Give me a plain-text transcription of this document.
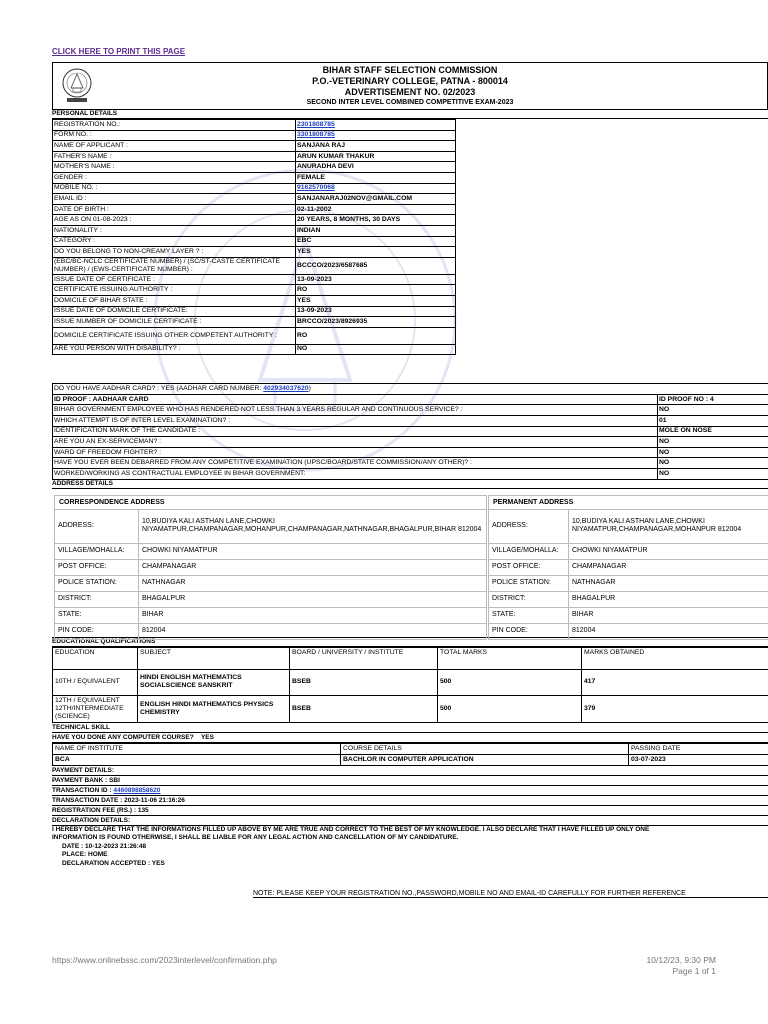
CLICK HERE TO PRINT THIS PAGE
BIHAR STAFF SELECTION COMMISSION
P.O.-VETERINARY COLLEGE, PATNA - 800014
ADVERTISEMENT NO. 02/2023
SECOND INTER LEVEL COMBINED COMPETITIVE EXAM-2023
PERSONAL DETAILS
REGISTRATION NO.:	2301808785	
FORM NO. :	3301808785	
NAME OF APPLICANT :	SANJANA RAJ	
FATHER'S NAME :	ARUN KUMAR THAKUR	
MOTHER'S NAME :	ANURADHA DEVI	
GENDER :	FEMALE	
MOBILE NO. :	9162570068	
EMAIL ID :	SANJANARAJ02NOV@GMAIL.COM	
DATE OF BIRTH :	02-11-2002	
AGE AS ON 01-08-2023 :	20 YEARS, 8 MONTHS, 30 DAYS	
NATIONALITY :	INDIAN	
CATEGORY :	EBC	
DO YOU BELONG TO NON-CREAMY LAYER ? :	YES	
(EBC/BC-NCLC CERTIFICATE NUMBER) / (SC/ST-CASTE CERTIFICATE NUMBER) / (EWS-CERTIFICATE NUMBER) :	BCCCO/2023/6587685	
ISSUE DATE OF CERTIFICATE :	13-09-2023	
CERTIFICATE ISSUING AUTHORITY :	RO	
DOMICILE OF BIHAR STATE :	YES	
ISSUE DATE OF DOMICILE CERTIFICATE:	13-09-2023	
ISSUE NUMBER OF DOMICILE CERTIFICATE :	BRCCO/2023/8926935	
DOMICILE CERTIFICATE ISSUING OTHER COMPETENT AUTHORITY :	RO	
ARE YOU PERSON WITH DISABILITY? :	NO	
DO YOU HAVE AADHAR CARD? : YES (AADHAR CARD NUMBER: 402934037620)	
ID PROOF : AADHAAR CARD	ID PROOF NO : 4
BIHAR GOVERNMENT EMPLOYEE WHO HAS RENDERED NOT LESS THAN 3 YEARS REGULAR AND CONTINUOUS SERVICE? :	NO
WHICH ATTEMPT IS OF INTER LEVEL EXAMINATION? :	01
IDENTIFICATION MARK OF THE CANDIDATE :	MOLE ON NOSE
ARE YOU AN EX-SERVICEMAN? :	NO
WARD OF FREEDOM FIGHTER? :	NO
HAVE YOU EVER BEEN DEBARRED FROM ANY COMPETITIVE EXAMINATION (UPSC/BOARD/STATE COMMISSION/ANY OTHER)? :	NO
WORKED/WORKING AS CONTRACTUAL EMPLOYEE IN BIHAR GOVERNMENT:	NO
ADDRESS DETAILS
CORRESPONDENCE ADDRESS	
ADDRESS:	10,BUDIYA KALI ASTHAN LANE,CHOWKI NIYAMATPUR,CHAMPANAGAR,MOHANPUR,CHAMPANAGAR,NATHNAGAR,BHAGALPUR,BIHAR 812004
VILLAGE/MOHALLA:	CHOWKI NIYAMATPUR
POST OFFICE:	CHAMPANAGAR
POLICE STATION:	NATHNAGAR
DISTRICT:	BHAGALPUR
STATE:	BIHAR
PIN CODE:	812004
PERMANENT ADDRESS	
ADDRESS:	10,BUDIYA KALI ASTHAN LANE,CHOWKI NIYAMATPUR,CHAMPANAGAR,MOHANPUR 812004
VILLAGE/MOHALLA:	CHOWKI NIYAMATPUR
POST OFFICE:	CHAMPANAGAR
POLICE STATION:	NATHNAGAR
DISTRICT:	BHAGALPUR
STATE:	BIHAR
PIN CODE:	812004
EDUCATIONAL QUALIFICATIONS
EDUCATION	SUBJECT	BOARD / UNIVERSITY / INSTITUTE	TOTAL MARKS	MARKS OBTAINED
10TH / EQUIVALENT	HINDI ENGLISH MATHEMATICS SOCIALSCIENCE SANSKRIT	BSEB	500	417
12TH / EQUIVALENT 12TH/INTERMEDIATE (SCIENCE)	ENGLISH HINDI MATHEMATICS PHYSICS CHEMISTRY	BSEB	500	379
TECHNICAL SKILL
HAVE YOU DONE ANY COMPUTER COURSE? YES
NAME OF INSTITUTE	COURSE DETAILS	PASSING DATE
BCA	BACHLOR IN COMPUTER APPLICATION	03-07-2023
PAYMENT DETAILS:
PAYMENT BANK : SBI
TRANSACTION ID : 4460898858620
TRANSACTION DATE : 2023-11-06 21:16:26
REGISTRATION FEE (RS.) : 135
DECLARATION DETAILS:
I HEREBY DECLARE THAT THE INFORMATIONS FILLED UP ABOVE BY ME ARE TRUE AND CORRECT TO THE BEST OF MY KNOWLEDGE. I ALSO DECLARE THAT I HAVE FILLED UP ONLY ONE
INFORMATION IS FOUND OTHERWISE, I SHALL BE LIABLE FOR ANY LEGAL ACTION AND CANCELLATION OF MY CANDIDATURE.
DATE : 10-12-2023 21:26:48
PLACE: HOME
DECLARATION ACCEPTED : YES
NOTE: PLEASE KEEP YOUR REGISTRATION NO.,PASSWORD,MOBILE NO AND EMAIL-ID CAREFULLY FOR FURTHER REFERENCE
https://www.onlinebssc.com/2023interlevel/confirmation.php	10/12/23, 9:30 PM
Page 1 of 1
